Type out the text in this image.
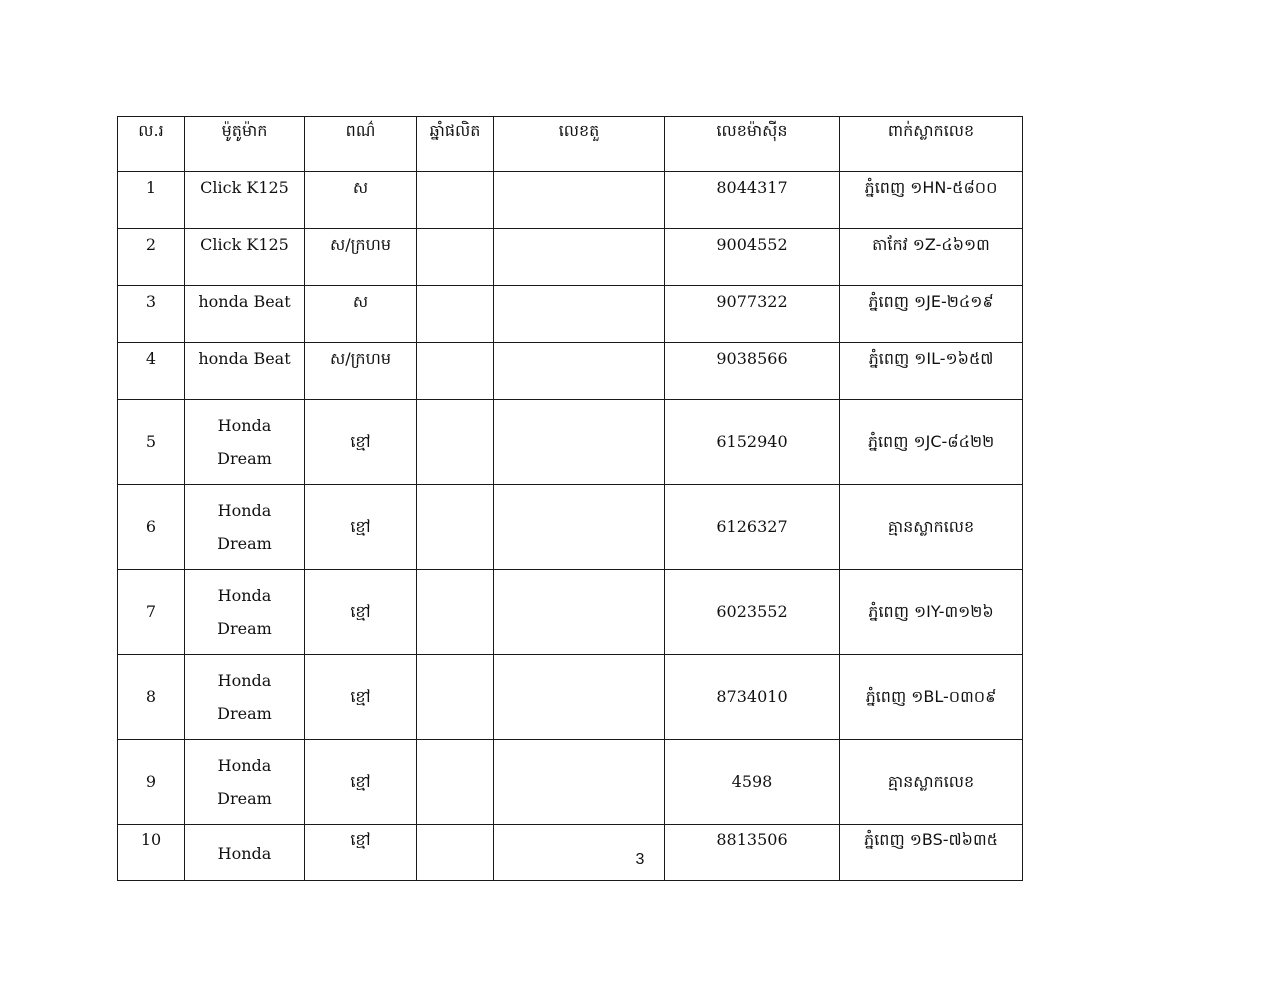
ល.រ	ម៉ូតូម៉ាក	ពណ៌	ឆ្នាំផលិត	លេខតួ	លេខម៉ាស៊ីន	ពាក់ស្លាកលេខ
1	Click K125	ស			8044317	ភ្នំពេញ ១HN-៥៨០០
2	Click K125	ស/ក្រហម			9004552	តាកែវ ១Z-៤៦១៣
3	honda Beat	ស			9077322	ភ្នំពេញ ១JE-២៤១៩
4	honda Beat	ស/ក្រហម			9038566	ភ្នំពេញ ១IL-១៦៥៧
5	Honda
Dream	ខ្មៅ			6152940	ភ្នំពេញ ១JC-៨៤២២
6	Honda
Dream	ខ្មៅ			6126327	គ្មានស្លាកលេខ
7	Honda
Dream	ខ្មៅ			6023552	ភ្នំពេញ ១IY-៣១២៦
8	Honda
Dream	ខ្មៅ			8734010	ភ្នំពេញ ១BL-០៣០៩
9	Honda
Dream	ខ្មៅ			4598	គ្មានស្លាកលេខ
10	Honda	ខ្មៅ			8813506	ភ្នំពេញ ១BS-៧៦៣៥
3
